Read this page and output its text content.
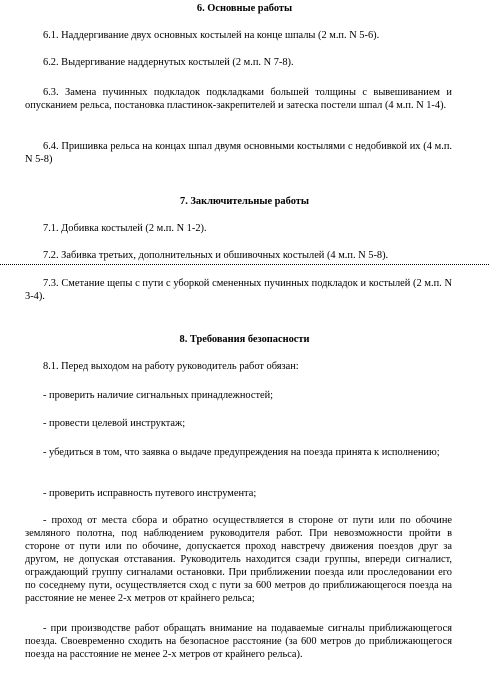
6. Основные работы
6.1. Наддергивание двух основных костылей на конце шпалы (2 м.п. N 5-6).
6.2. Выдергивание наддернутых костылей (2 м.п. N 7-8).
6.3. Замена пучинных подкладок подкладками большей толщины с вывешиванием и опусканием рельса, постановка пластинок-закрепителей и затеска постели шпал (4 м.п. N 1-4).
6.4. Пришивка рельса на концах шпал двумя основными костылями с недобивкой их (4 м.п. N 5-8)
7. Заключительные работы
7.1. Добивка костылей (2 м.п. N 1-2).
7.2. Забивка третьих, дополнительных и обшивочных костылей (4 м.п. N 5-8).
7.3. Сметание щепы с пути с уборкой смененных пучинных подкладок и костылей (2 м.п. N 3-4).
8. Требования безопасности
8.1. Перед выходом на работу руководитель работ обязан:
- проверить наличие сигнальных принадлежностей;
- провести целевой инструктаж;
- убедиться в том, что заявка о выдаче предупреждения на поезда принята к исполнению;
- проверить исправность путевого инструмента;
- проход от места сбора и обратно осуществляется в стороне от пути или по обочине земляного полотна, под наблюдением руководителя работ. При невозможности пройти в стороне от пути или по обочине, допускается проход навстречу движения поездов друг за другом, не допуская отставания. Руководитель находится сзади группы, впереди сигналист, ограждающий группу сигналами остановки. При приближении поезда или проследовании его по соседнему пути, осуществляется сход с пути за 600 метров до приближающегося поезда на расстояние не менее 2-х метров от крайнего рельса;
- при производстве работ обращать внимание на подаваемые сигналы приближающегося поезда. Своевременно сходить на безопасное расстояние (за 600 метров до приближающегося поезда на расстояние не менее 2-х метров от крайнего рельса).
